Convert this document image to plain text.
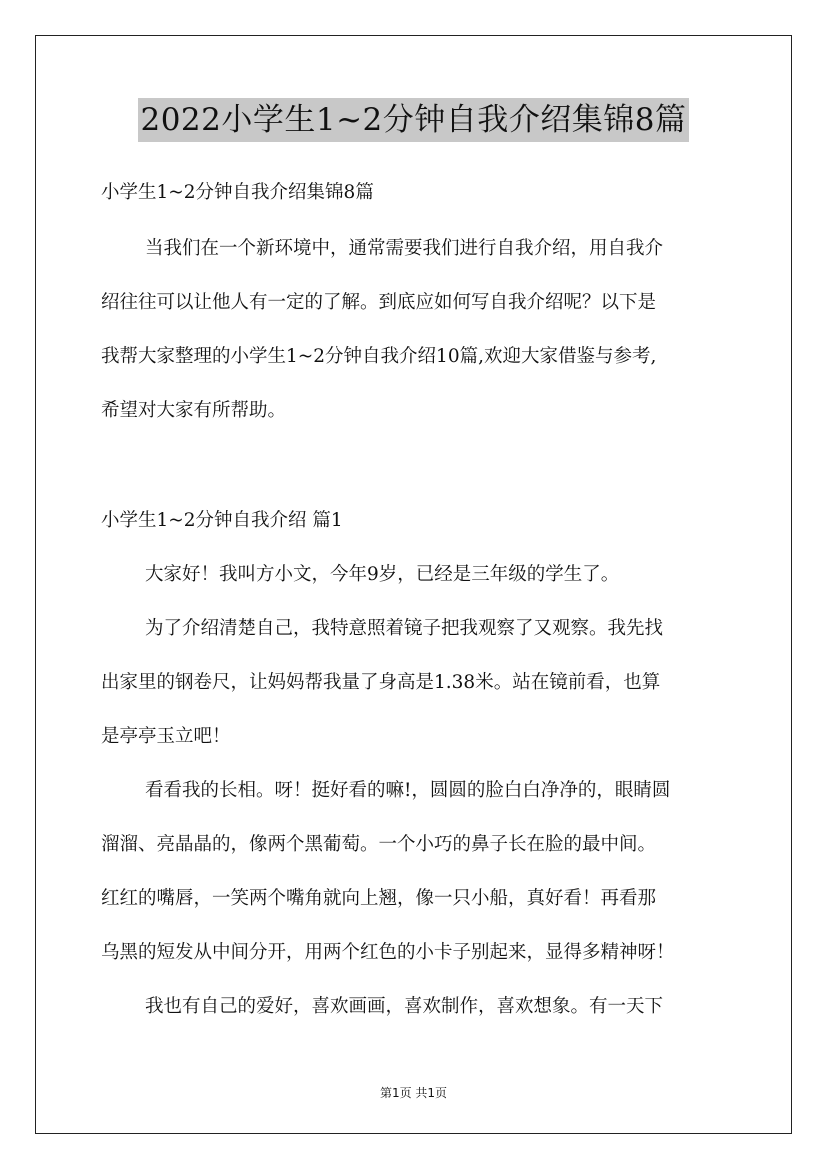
2022小学生1~2分钟自我介绍集锦8篇
小学生1~2分钟自我介绍集锦8篇
当我们在一个新环境中，通常需要我们进行自我介绍，用自我介
绍往往可以让他人有一定的了解。到底应如何写自我介绍呢？以下是
我帮大家整理的小学生1~2分钟自我介绍10篇,欢迎大家借鉴与参考,
希望对大家有所帮助。
小学生1~2分钟自我介绍 篇1
大家好！我叫方小文，今年9岁，已经是三年级的学生了。
为了介绍清楚自己，我特意照着镜子把我观察了又观察。我先找
出家里的钢卷尺，让妈妈帮我量了身高是1.38米。站在镜前看，也算
是亭亭玉立吧！
看看我的长相。呀！挺好看的嘛!，圆圆的脸白白净净的，眼睛圆
溜溜、亮晶晶的，像两个黑葡萄。一个小巧的鼻子长在脸的最中间。
红红的嘴唇，一笑两个嘴角就向上翘，像一只小船，真好看！再看那
乌黑的短发从中间分开，用两个红色的小卡子别起来，显得多精神呀！
我也有自己的爱好，喜欢画画，喜欢制作，喜欢想象。有一天下
第1页 共1页
